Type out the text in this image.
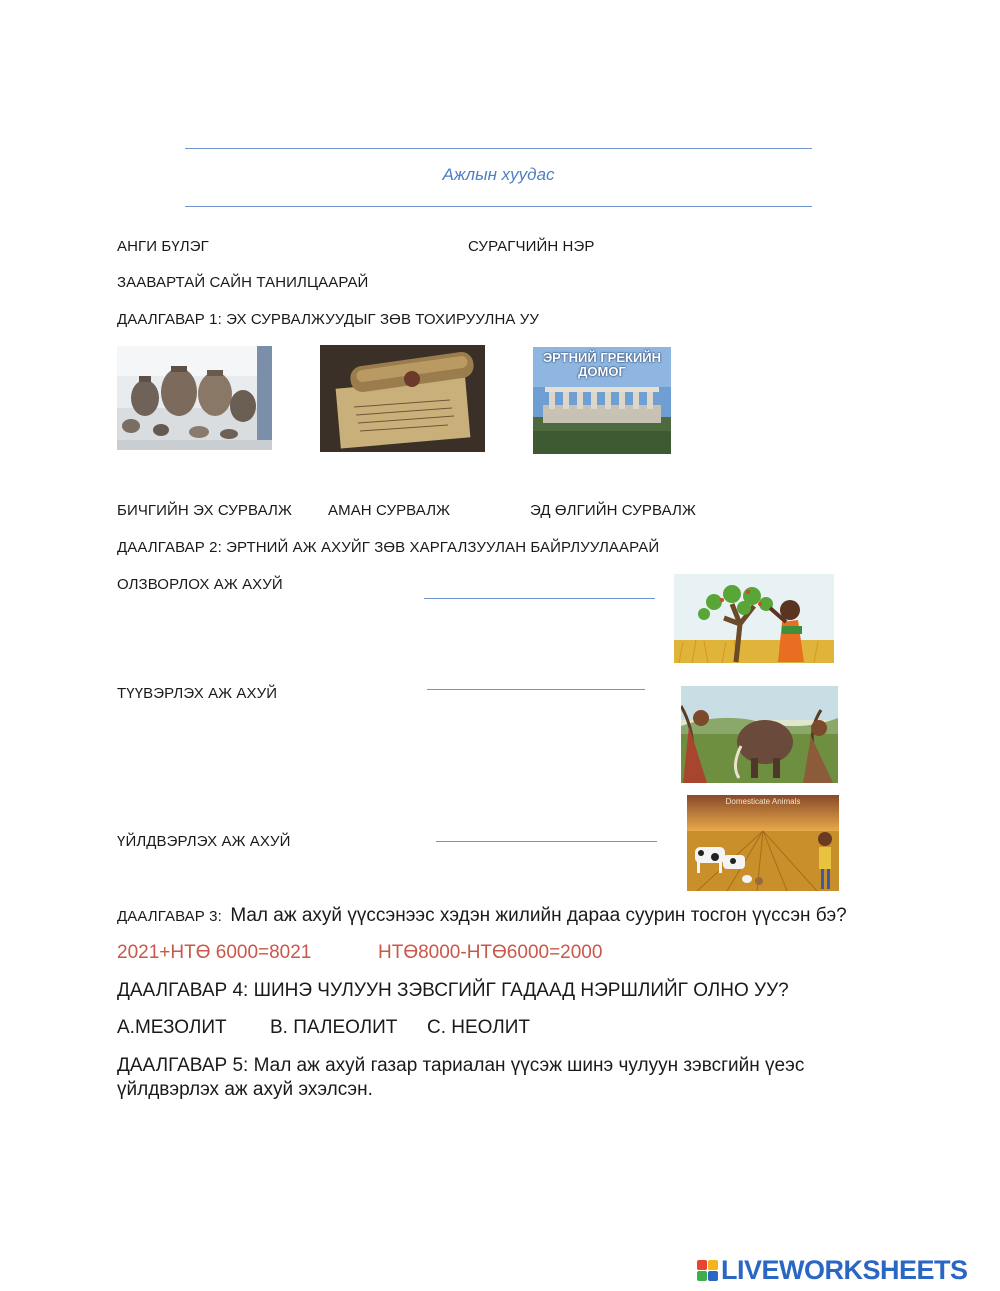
Ажлын хуудас
АНГИ БҮЛЭГ	СУРАГЧИЙН НЭР
ЗААВАРТАЙ САЙН ТАНИЛЦААРАЙ
ДААЛГАВАР 1: ЭХ СУРВАЛЖУУДЫГ ЗӨВ ТОХИРУУЛНА УУ
ЭРТНИЙ ГРЕКИЙН ДОМОГ
БИЧГИЙН ЭХ СУРВАЛЖ АМАН СУРВАЛЖ	ЭД ӨЛГИЙН СУРВАЛЖ
ДААЛГАВАР 2: ЭРТНИЙ АЖ АХУЙГ ЗӨВ ХАРГАЛЗУУЛАН БАЙРЛУУЛААРАЙ
ОЛЗВОРЛОХ АЖ АХУЙ
ТҮҮВЭРЛЭХ АЖ АХУЙ
ҮЙЛДВЭРЛЭХ АЖ АХУЙ
Domesticate Animals
ДААЛГАВАР 3: Мал аж ахуй үүссэнээс хэдэн жилийн дараа суурин тосгон үүссэн бэ?
2021+НТӨ 6000=8021	НТӨ8000-НТӨ6000=2000
ДААЛГАВАР 4: ШИНЭ ЧУЛУУН ЗЭВСГИЙГ ГАДААД НЭРШЛИЙГ ОЛНО УУ?
А.МЕЗОЛИТ В. ПАЛЕОЛИТ С. НЕОЛИТ
ДААЛГАВАР 5: Мал аж ахуй газар тариалан үүсэж шинэ чулуун зэвсгийн үеэс
үйлдвэрлэх аж ахуй эхэлсэн.
LIVEWORKSHEETS
